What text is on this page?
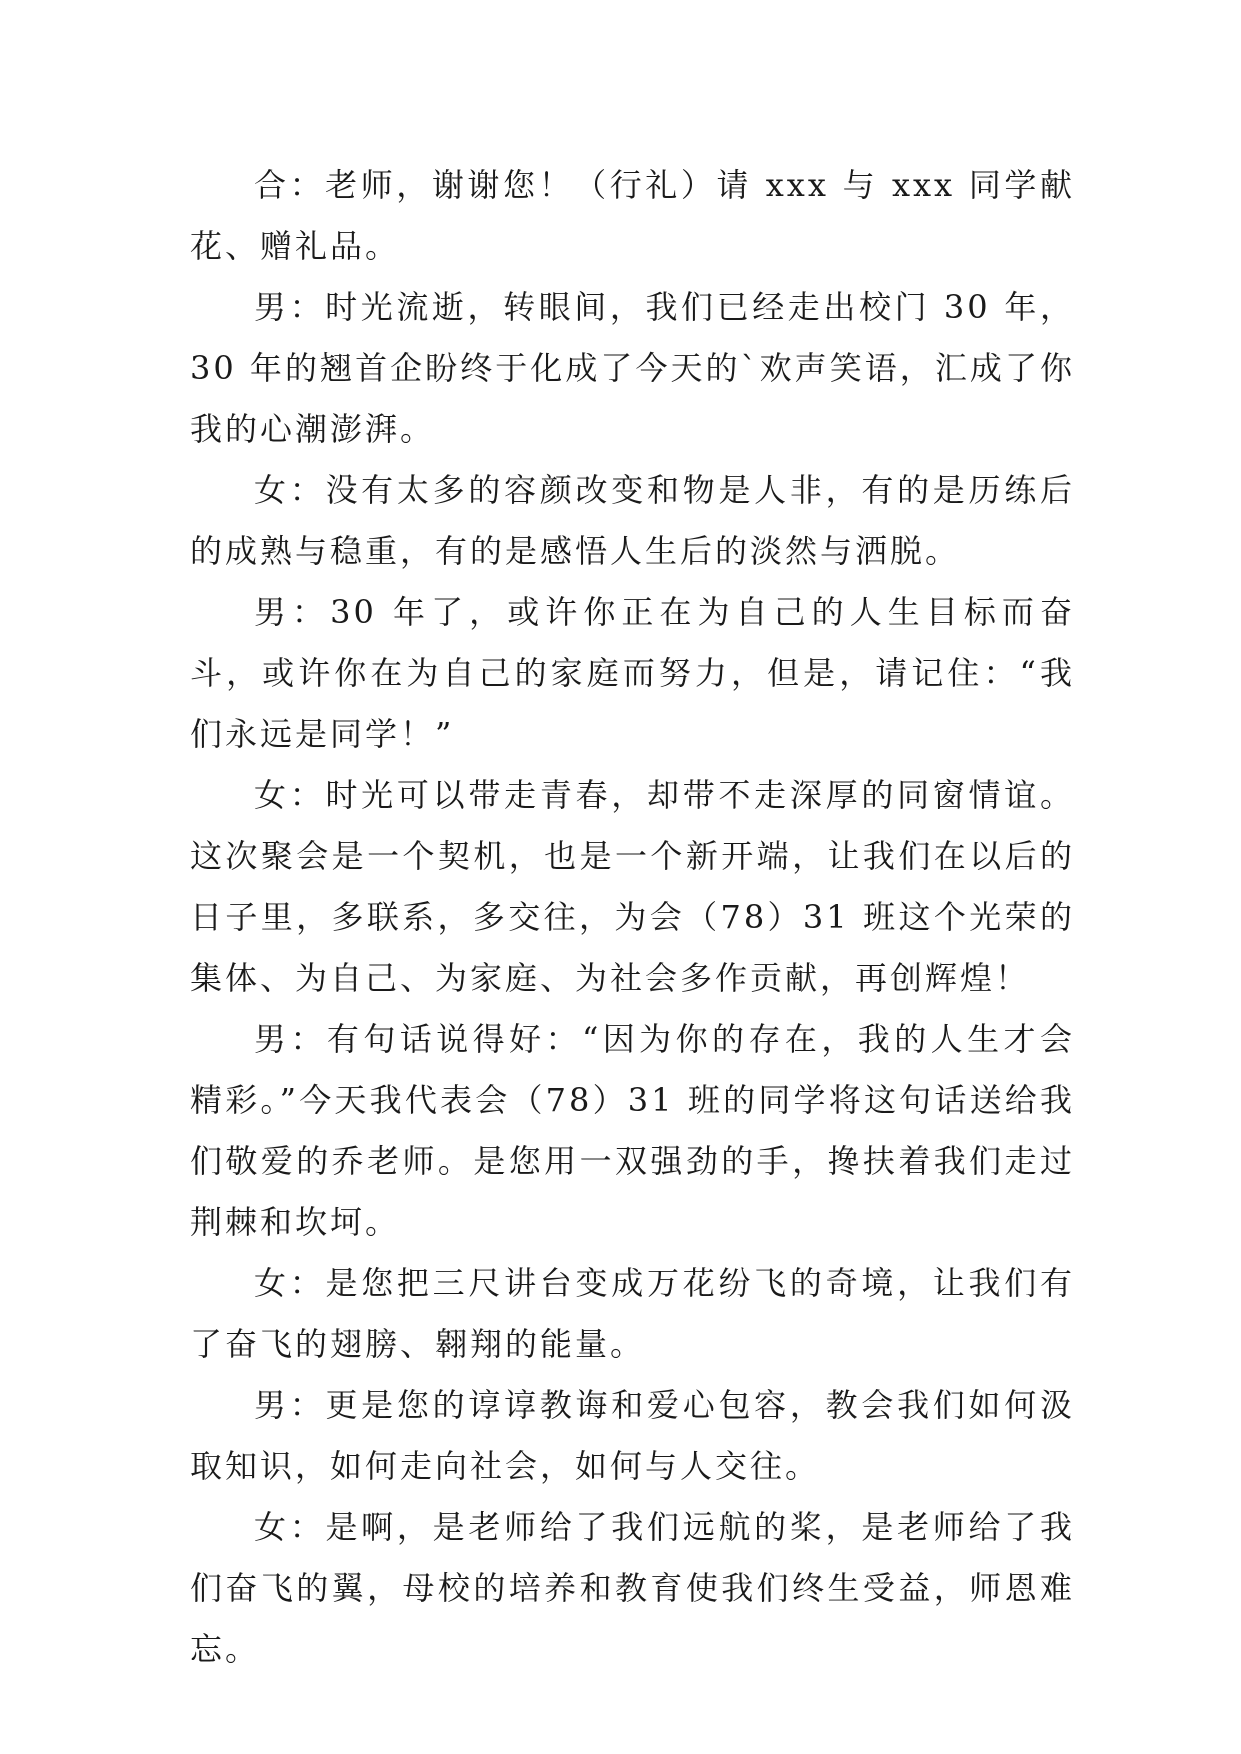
合：老师，谢谢您！（行礼）请 xxx 与 xxx 同学献花、赠礼品。

男：时光流逝，转眼间，我们已经走出校门 30 年，30 年的翘首企盼终于化成了今天的`欢声笑语，汇成了你我的心潮澎湃。

女：没有太多的容颜改变和物是人非，有的是历练后的成熟与稳重，有的是感悟人生后的淡然与洒脱。

男：30 年了，或许你正在为自己的人生目标而奋斗，或许你在为自己的家庭而努力，但是，请记住：“我们永远是同学！”

女：时光可以带走青春，却带不走深厚的同窗情谊。这次聚会是一个契机，也是一个新开端，让我们在以后的日子里，多联系，多交往，为会（78）31 班这个光荣的集体、为自己、为家庭、为社会多作贡献，再创辉煌！

男：有句话说得好：“因为你的存在，我的人生才会精彩。”今天我代表会（78）31 班的同学将这句话送给我们敬爱的乔老师。是您用一双强劲的手，搀扶着我们走过荆棘和坎坷。

女：是您把三尺讲台变成万花纷飞的奇境，让我们有了奋飞的翅膀、翱翔的能量。

男：更是您的谆谆教诲和爱心包容，教会我们如何汲取知识，如何走向社会，如何与人交往。

女：是啊，是老师给了我们远航的桨，是老师给了我们奋飞的翼，母校的培养和教育使我们终生受益，师恩难忘。
